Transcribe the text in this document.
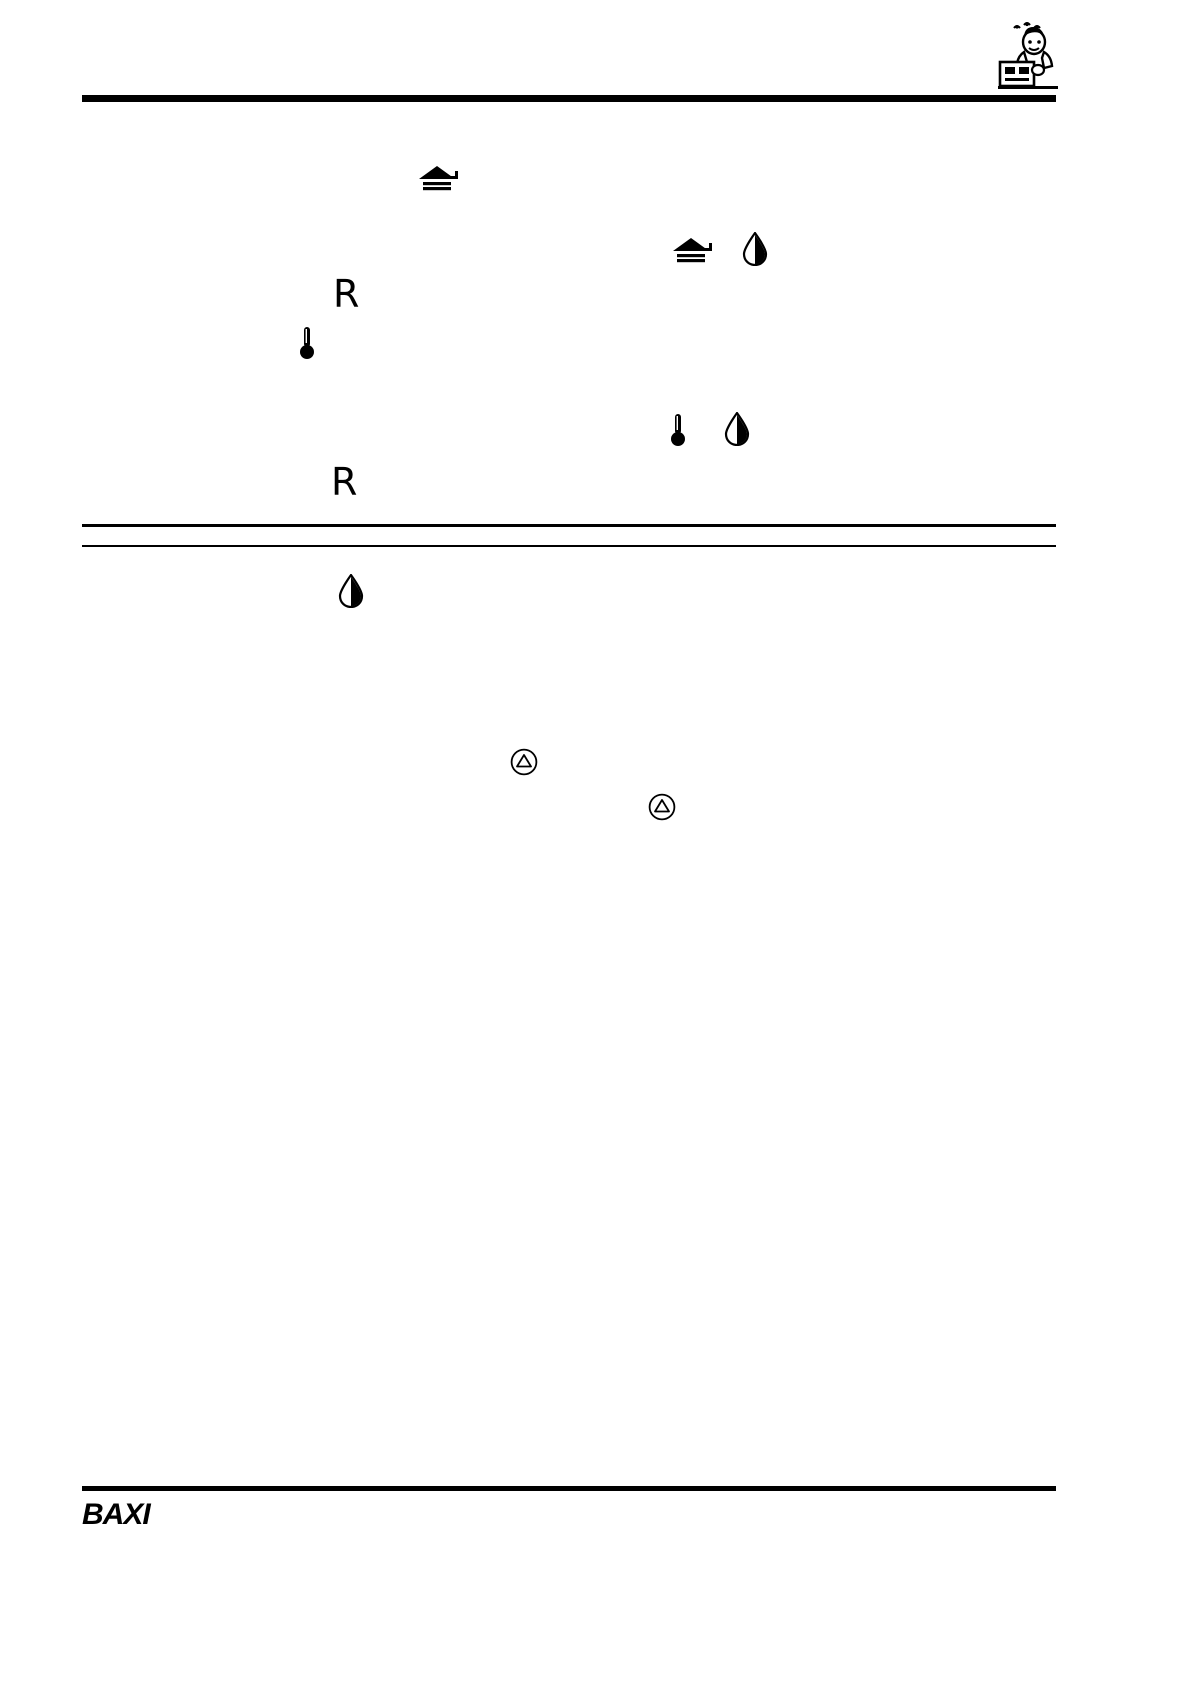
R
R
BAXI
